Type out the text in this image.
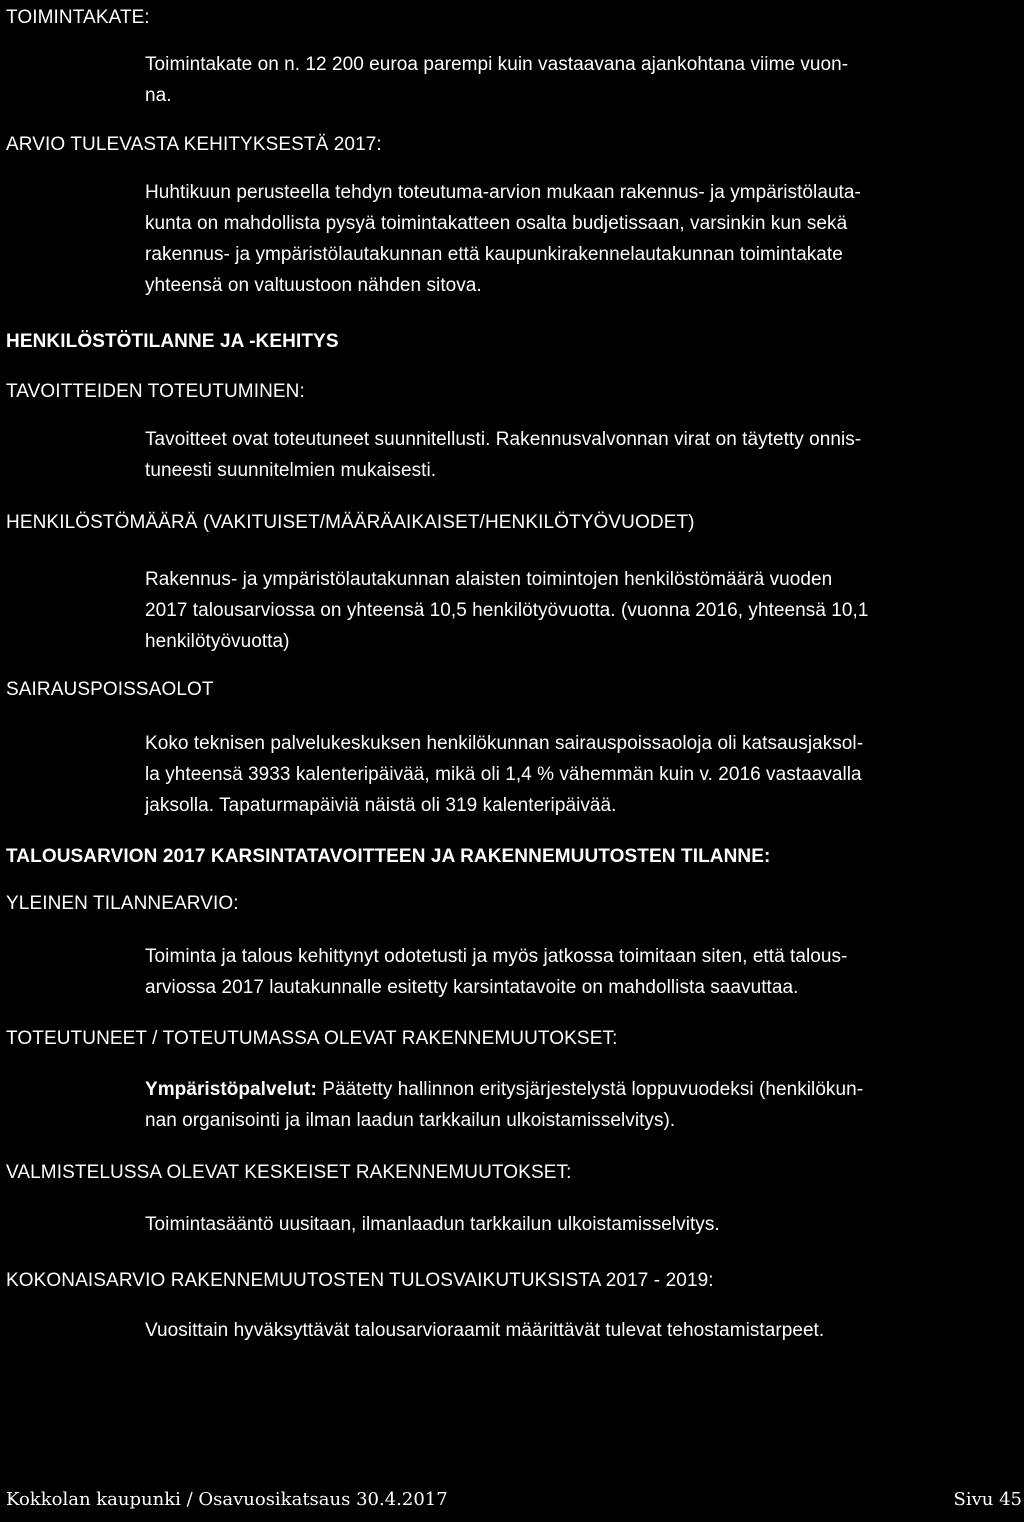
TOIMINTAKATE:
Toimintakate on n. 12 200 euroa parempi kuin vastaavana ajankohtana viime vuon-
na.
ARVIO TULEVASTA KEHITYKSESTÄ 2017:
Huhtikuun perusteella tehdyn toteutuma-arvion mukaan rakennus- ja ympäristölauta-
kunta on mahdollista pysyä toimintakatteen osalta budjetissaan, varsinkin kun sekä
rakennus- ja ympäristölautakunnan että kaupunkirakennelautakunnan toimintakate
yhteensä on valtuustoon nähden sitova.
HENKILÖSTÖTILANNE JA -KEHITYS
TAVOITTEIDEN TOTEUTUMINEN:
Tavoitteet ovat toteutuneet suunnitellusti. Rakennusvalvonnan virat on täytetty onnis-
tuneesti suunnitelmien mukaisesti.
HENKILÖSTÖMÄÄRÄ (VAKITUISET/MÄÄRÄAIKAISET/HENKILÖTYÖVUODET)
Rakennus- ja ympäristölautakunnan alaisten toimintojen henkilöstömäärä vuoden
2017 talousarviossa on yhteensä 10,5 henkilötyövuotta. (vuonna 2016, yhteensä 10,1
henkilötyövuotta)
SAIRAUSPOISSAOLOT
Koko teknisen palvelukeskuksen henkilökunnan sairauspoissaoloja oli katsausjaksol-
la yhteensä 3933 kalenteripäivää, mikä oli 1,4 % vähemmän kuin v. 2016 vastaavalla
jaksolla. Tapaturmapäiviä näistä oli 319 kalenteripäivää.
TALOUSARVION 2017 KARSINTATAVOITTEEN JA RAKENNEMUUTOSTEN TILANNE:
YLEINEN TILANNEARVIO:
Toiminta ja talous kehittynyt odotetusti ja myös jatkossa toimitaan siten, että talous-
arviossa 2017 lautakunnalle esitetty karsintatavoite on mahdollista saavuttaa.
TOTEUTUNEET / TOTEUTUMASSA OLEVAT RAKENNEMUUTOKSET:
Ympäristöpalvelut: Päätetty hallinnon eritysjärjestelystä loppuvuodeksi (henkilökun-
nan organisointi ja ilman laadun tarkkailun ulkoistamisselvitys).
VALMISTELUSSA OLEVAT KESKEISET RAKENNEMUUTOKSET:
Toimintasääntö uusitaan, ilmanlaadun tarkkailun ulkoistamisselvitys.
KOKONAISARVIO RAKENNEMUUTOSTEN TULOSVAIKUTUKSISTA 2017 - 2019:
Vuosittain hyväksyttävät talousarvioraamit määrittävät tulevat tehostamistarpeet.
Kokkolan kaupunki / Osavuosikatsaus 30.4.2017	Sivu 45
